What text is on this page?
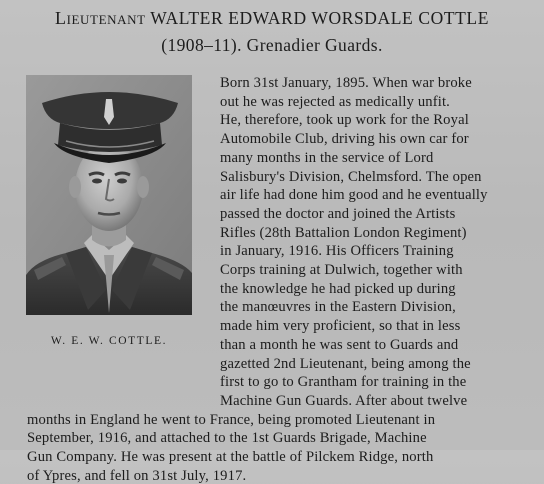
Lieutenant WALTER EDWARD WORSDALE COTTLE
(1908–11). Grenadier Guards.
W. E. W. COTTLE.
Born 31st January, 1895. When war broke
out he was rejected as medically unfit.
He, therefore, took up work for the Royal
Automobile Club, driving his own car for
many months in the service of Lord
Salisbury's Division, Chelmsford. The open
air life had done him good and he eventually
passed the doctor and joined the Artists
Rifles (28th Battalion London Regiment)
in January, 1916. His Officers Training
Corps training at Dulwich, together with
the knowledge he had picked up during
the manœuvres in the Eastern Division,
made him very proficient, so that in less
than a month he was sent to Guards and
gazetted 2nd Lieutenant, being among the
first to go to Grantham for training in the
Machine Gun Guards. After about twelve
months in England he went to France, being promoted Lieutenant in
September, 1916, and attached to the 1st Guards Brigade, Machine
Gun Company. He was present at the battle of Pilckem Ridge, north
of Ypres, and fell on 31st July, 1917.
